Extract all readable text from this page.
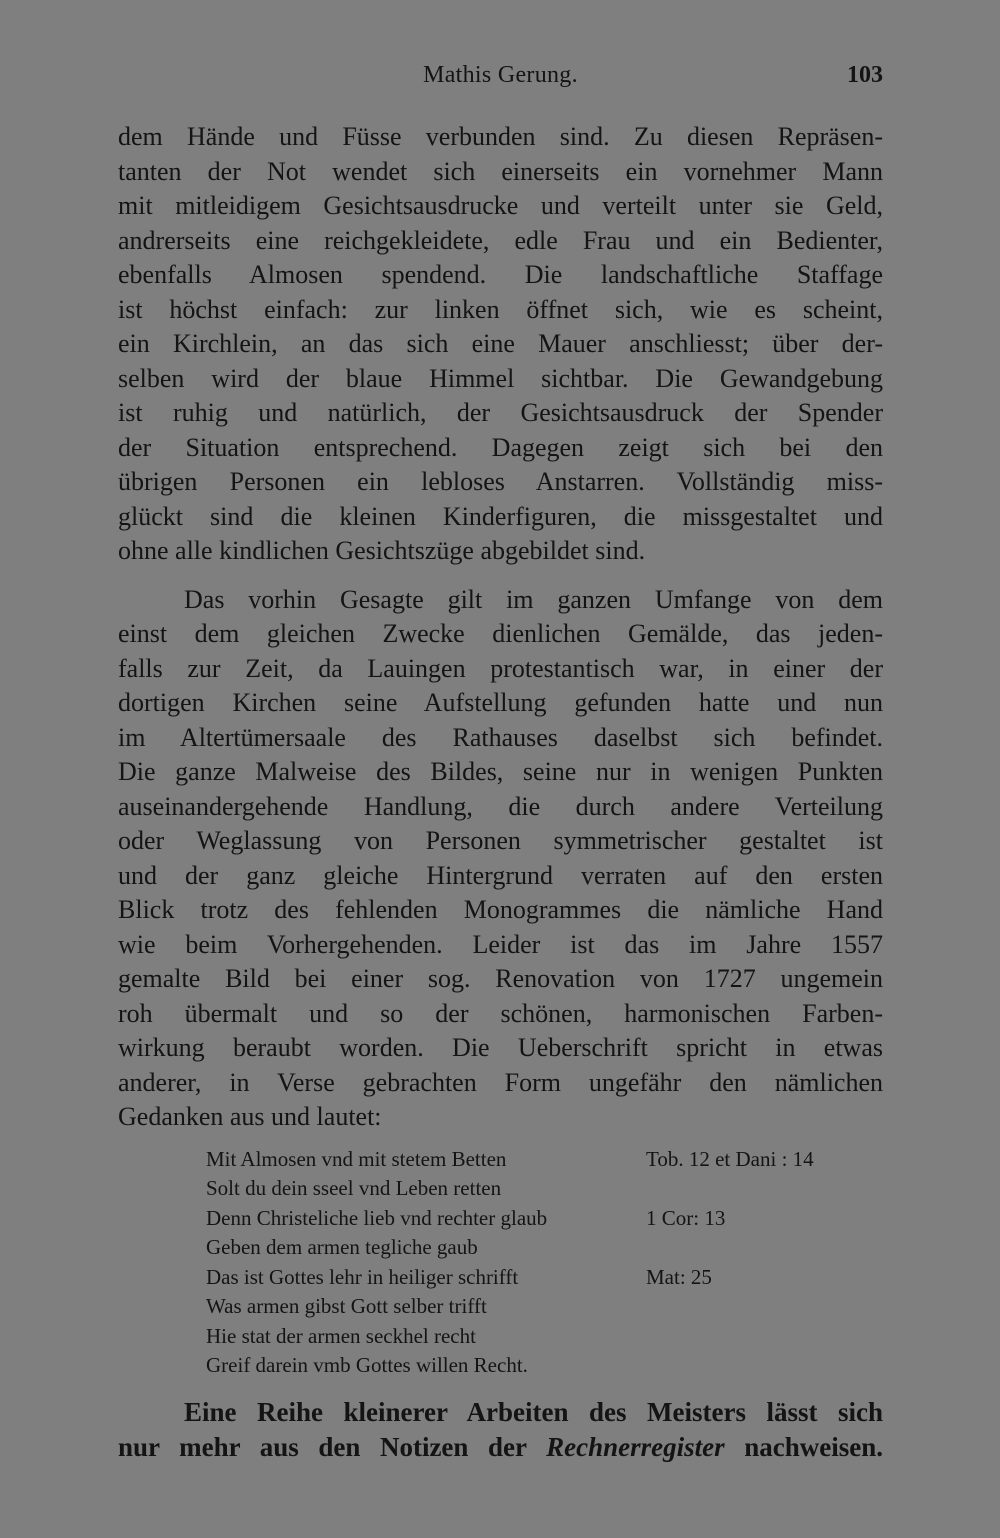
Mathis Gerung.	103

dem Hände und Füsse verbunden sind. Zu diesen Repräsen-
tanten der Not wendet sich einerseits ein vornehmer Mann
mit mitleidigem Gesichtsausdrucke und verteilt unter sie Geld,
andrerseits eine reichgekleidete, edle Frau und ein Bedienter,
ebenfalls Almosen spendend. Die landschaftliche Staffage
ist höchst einfach: zur linken öffnet sich, wie es scheint,
ein Kirchlein, an das sich eine Mauer anschliesst; über der-
selben wird der blaue Himmel sichtbar. Die Gewandgebung
ist ruhig und natürlich, der Gesichtsausdruck der Spender
der Situation entsprechend. Dagegen zeigt sich bei den
übrigen Personen ein lebloses Anstarren. Vollständig miss-
glückt sind die kleinen Kinderfiguren, die missgestaltet und
ohne alle kindlichen Gesichtszüge abgebildet sind.

Das vorhin Gesagte gilt im ganzen Umfange von dem
einst dem gleichen Zwecke dienlichen Gemälde, das jeden-
falls zur Zeit, da Lauingen protestantisch war, in einer der
dortigen Kirchen seine Aufstellung gefunden hatte und nun
im Altertümersaale des Rathauses daselbst sich befindet.
Die ganze Malweise des Bildes, seine nur in wenigen Punkten
auseinandergehende Handlung, die durch andere Verteilung
oder Weglassung von Personen symmetrischer gestaltet ist
und der ganz gleiche Hintergrund verraten auf den ersten
Blick trotz des fehlenden Monogrammes die nämliche Hand
wie beim Vorhergehenden. Leider ist das im Jahre 1557
gemalte Bild bei einer sog. Renovation von 1727 ungemein
roh übermalt und so der schönen, harmonischen Farben-
wirkung beraubt worden. Die Ueberschrift spricht in etwas
anderer, in Verse gebrachten Form ungefähr den nämlichen
Gedanken aus und lautet:

Mit Almosen vnd mit stetem Betten	Tob. 12 et Dani : 14
Solt du dein sseel vnd Leben retten
Denn Christeliche lieb vnd rechter glaub	1 Cor: 13
Geben dem armen tegliche gaub
Das ist Gottes lehr in heiliger schrifft	Mat: 25
Was armen gibst Gott selber trifft
Hie stat der armen seckhel recht
Greif darein vmb Gottes willen Recht.
Eine Reihe kleinerer Arbeiten des Meisters lässt sich
nur mehr aus den Notizen der Rechnerregister nachweisen.
